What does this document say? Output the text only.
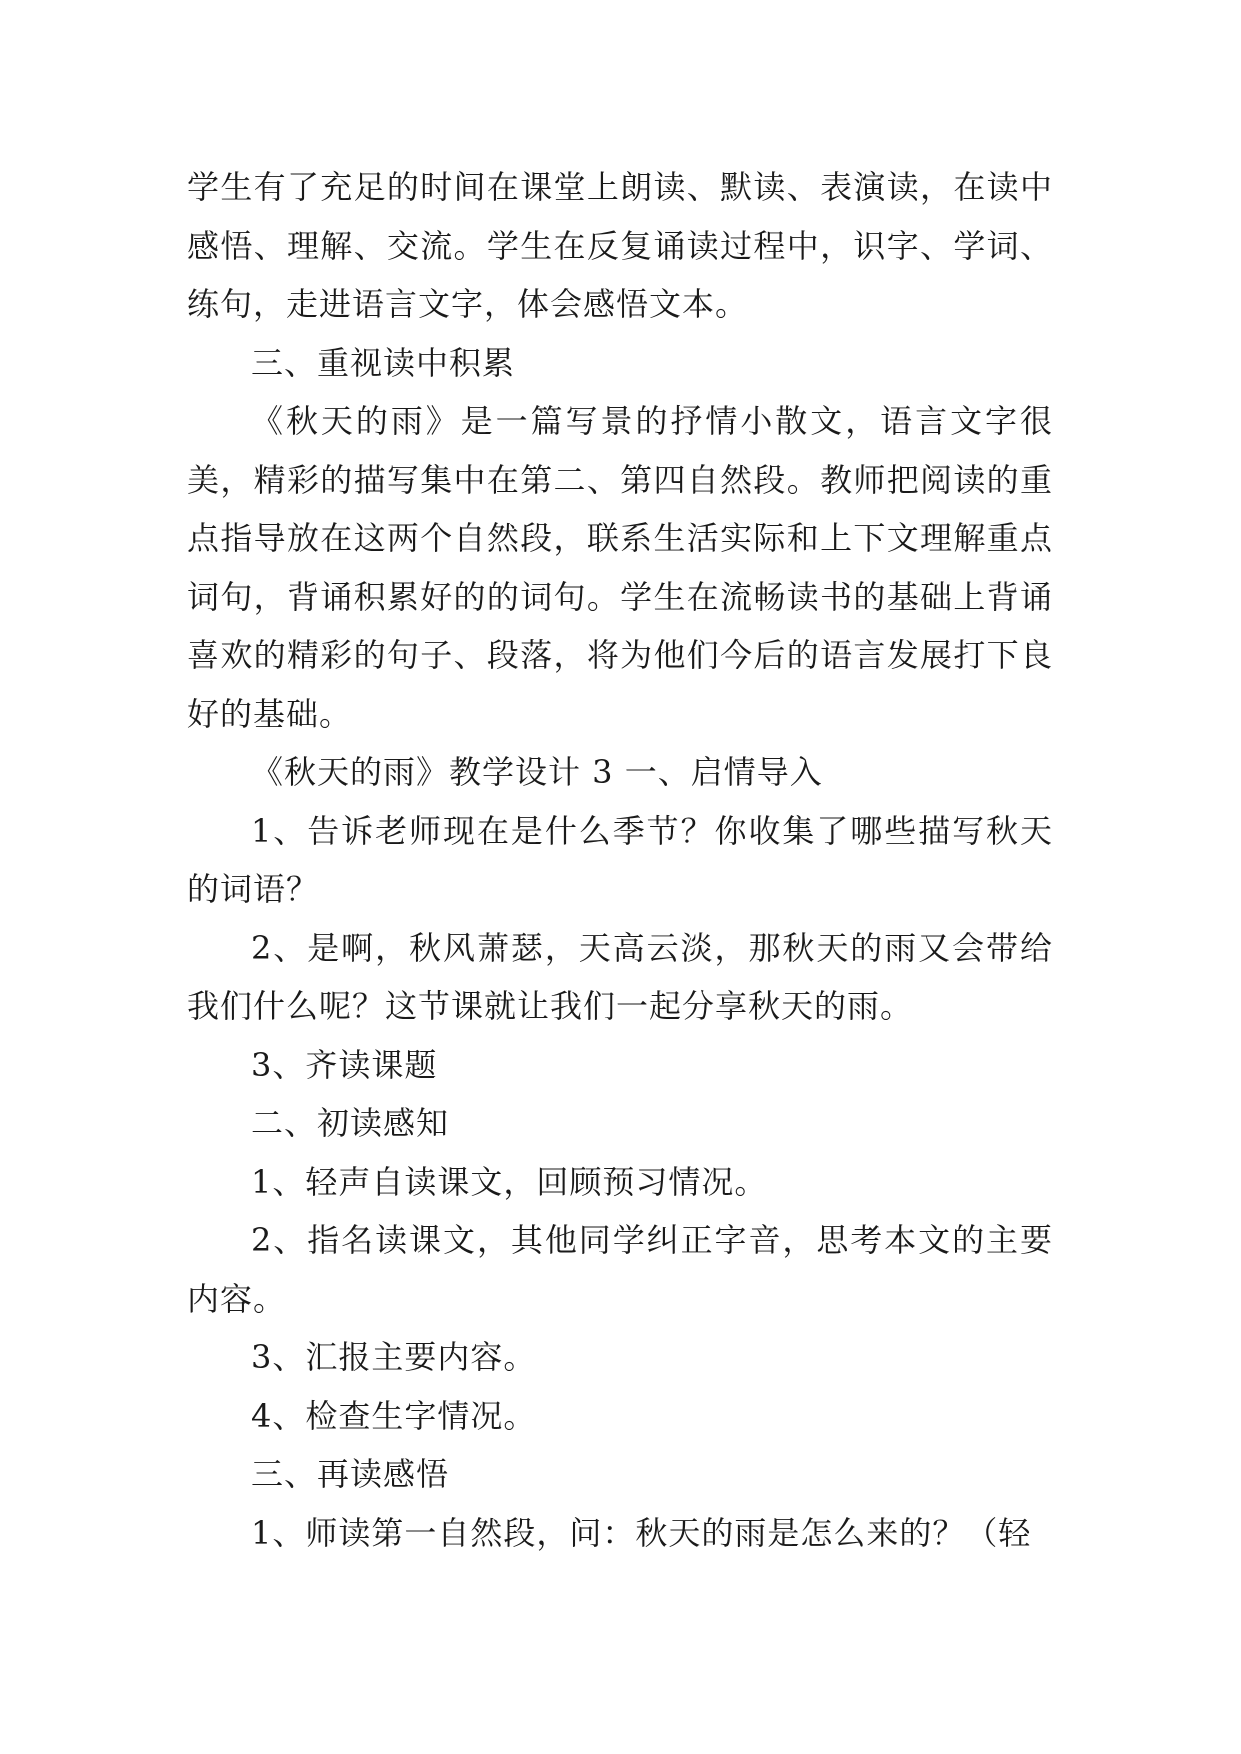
学生有了充足的时间在课堂上朗读、默读、表演读，在读中感悟、理解、交流。学生在反复诵读过程中，识字、学词、练句，走进语言文字，体会感悟文本。

三、重视读中积累

《秋天的雨》是一篇写景的抒情小散文，语言文字很美，精彩的描写集中在第二、第四自然段。教师把阅读的重点指导放在这两个自然段，联系生活实际和上下文理解重点词句，背诵积累好的的词句。学生在流畅读书的基础上背诵喜欢的精彩的句子、段落，将为他们今后的语言发展打下良好的基础。

《秋天的雨》教学设计 3 一、启情导入

1、告诉老师现在是什么季节？你收集了哪些描写秋天的词语？

2、是啊，秋风萧瑟，天高云淡，那秋天的雨又会带给我们什么呢？这节课就让我们一起分享秋天的雨。

3、齐读课题

二、初读感知

1、轻声自读课文，回顾预习情况。

2、指名读课文，其他同学纠正字音，思考本文的主要内容。

3、汇报主要内容。

4、检查生字情况。

三、再读感悟

1、师读第一自然段，问：秋天的雨是怎么来的？（轻
